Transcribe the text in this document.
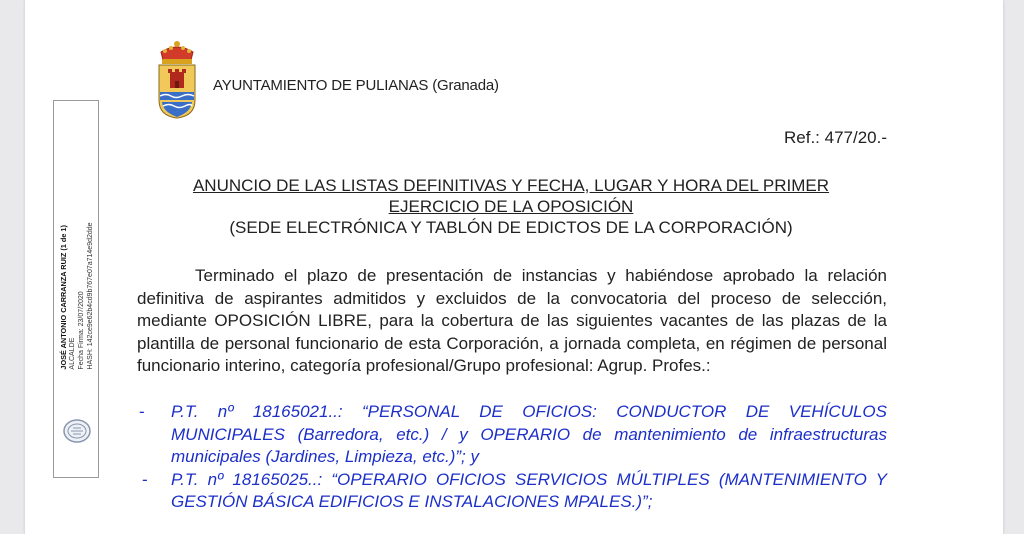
JOSÉ ANTONIO CARRANZA RUIZ (1 de 1) ALCALDE Fecha Firma: 23/07/2020 HASH: 142ce9e62b4cd9b767e07a714e9d2dde
AYUNTAMIENTO DE PULIANAS (Granada)
Ref.: 477/20.-
ANUNCIO DE LAS LISTAS DEFINITIVAS Y FECHA, LUGAR Y HORA DEL PRIMER
EJERCICIO DE LA OPOSICIÓN
(SEDE ELECTRÓNICA Y TABLÓN DE EDICTOS DE LA CORPORACIÓN)
Terminado el plazo de presentación de instancias y habiéndose aprobado la relación definitiva de aspirantes admitidos y excluidos de la convocatoria del proceso de selección, mediante OPOSICIÓN LIBRE, para la cobertura de las siguientes vacantes de las plazas de la plantilla de personal funcionario de esta Corporación, a jornada completa, en régimen de personal funcionario interino, categoría profesional/Grupo profesional: Agrup. Profes.:
- P.T. nº 18165021..: “PERSONAL DE OFICIOS: CONDUCTOR DE VEHÍCULOS MUNICIPALES (Barredora, etc.) / y OPERARIO de mantenimiento de infraestructuras municipales (Jardines, Limpieza, etc.)”; y
- P.T. nº 18165025..: “OPERARIO OFICIOS SERVICIOS MÚLTIPLES (MANTENIMIENTO Y GESTIÓN BÁSICA EDIFICIOS E INSTALACIONES MPALES.)”;
